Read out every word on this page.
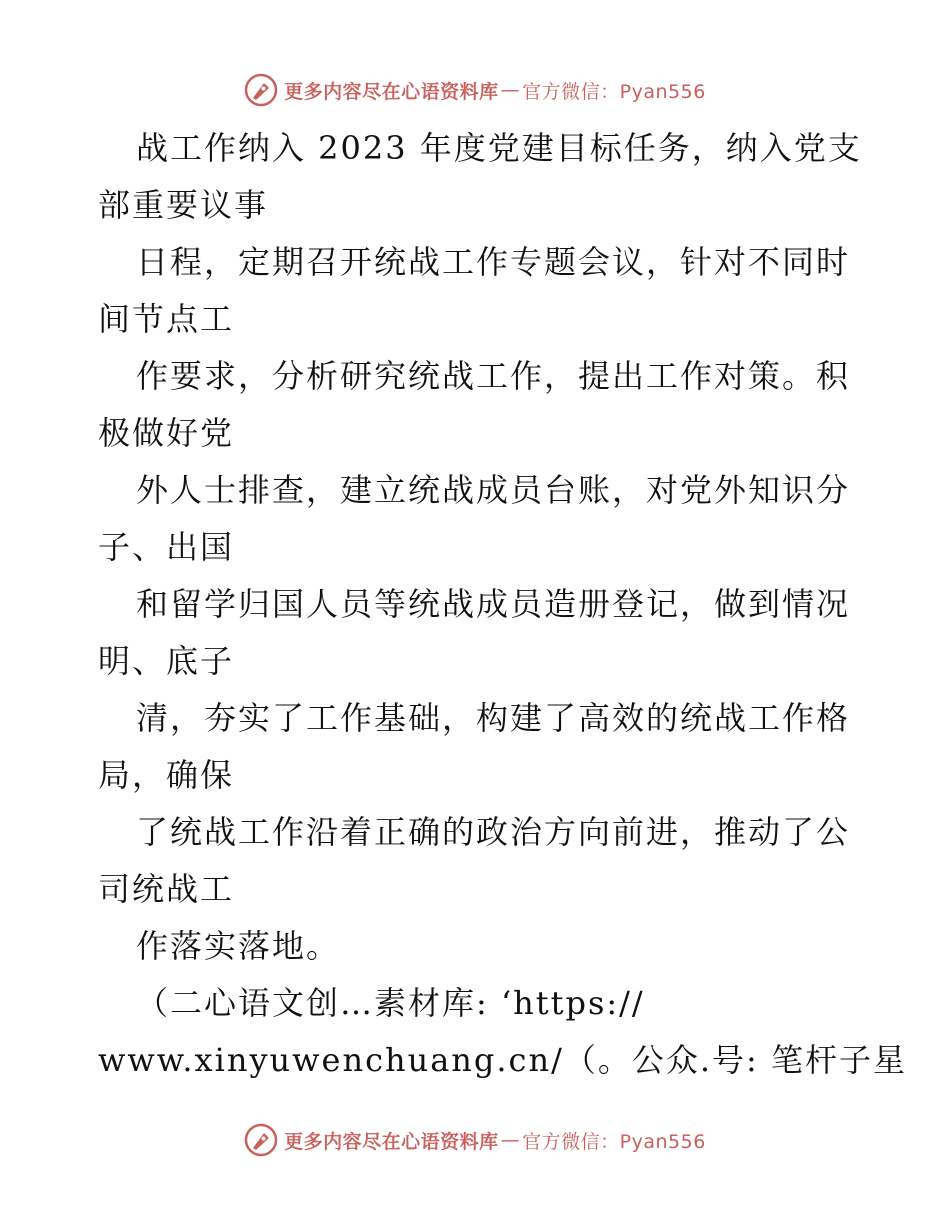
更多内容尽在心语资料库 — 官方微信：Pyan556
战工作纳入 2023 年度党建目标任务，纳入党支
部重要议事
日程，定期召开统战工作专题会议，针对不同时
间节点工
作要求，分析研究统战工作，提出工作对策。积
极做好党
外人士排查，建立统战成员台账，对党外知识分
子、出国
和留学归国人员等统战成员造册登记，做到情况
明、底子
清，夯实了工作基础，构建了高效的统战工作格
局，确保
了统战工作沿着正确的政治方向前进，推动了公
司统战工
作落实落地。
（二心语文创…素材库: ‘https://
www.xinyuwenchuang.cn/（。公众.号: 笔杆子星
更多内容尽在心语资料库 — 官方微信：Pyan556
